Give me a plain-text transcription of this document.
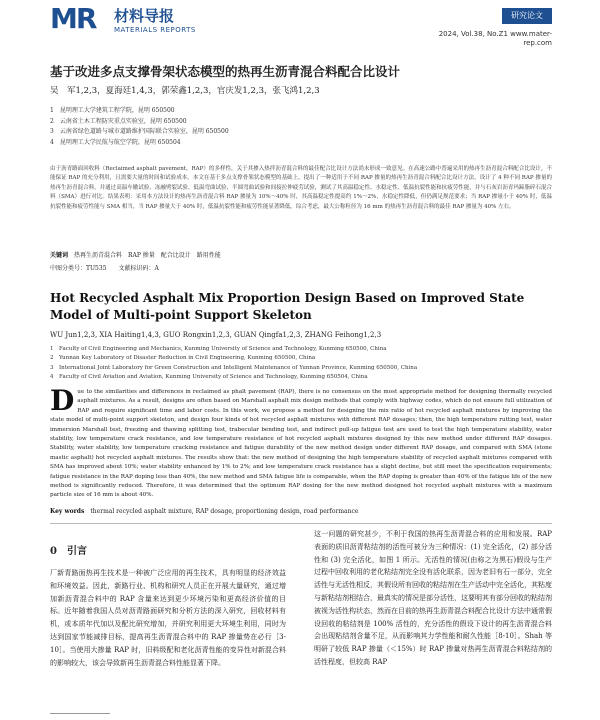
MR 材料导报
MATERIALS REPORTS
研究论文
2024, Vol.38, No.Z1 www.mater-rep.com
基于改进多点支撑骨架状态模型的热再生沥青混合料配合比设计
吴　军1,2,3，夏海廷1,4,3，郭荣鑫1,2,3，官庆发1,2,3，张飞鸿1,2,3
1　昆明理工大学建筑工程学院，昆明 650500
2　云南省土木工程防灾重点实验室，昆明 650500
3　云南省绿色道路与城市道路维护国际联合实验室，昆明 650500
4　昆明理工大学民航与航空学院，昆明 650504
由于沥青路面回收料（Reclaimed asphalt pavement，RAP）的多样性，关于其掺入热拌沥青混合料的最佳配合比设计方法尚未形成一致意见。在高速公路中普遍采用的热再生沥青混合料配合比设计，不能保证 RAP 的充分利用，且需要大量的时间和试验成本。本文在基于多点支撑骨架状态模型的基础上，提出了一种适用于不同 RAP 掺量的热再生沥青混合料配合比设计方法，设计了 4 种不同 RAP 掺量的热再生沥青混合料，并通过高温车辙试验、冻融劈裂试验、低温弯曲试验、半圆弯曲试验和间接拉伸疲劳试验，测试了其高温稳定性、水稳定性、低温抗裂性能和抗疲劳性能，并与石灰岩沥青玛蹄脂碎石混合料（SMA）进行对比。结果表明：采用本方法设计的热再生沥青混合料 RAP 掺量为 10%～40% 时，其高温稳定性提高约 1%～2%，水稳定性降低，但仍满足规范要求；当 RAP 掺量小于 40% 时，低温抗裂性能和疲劳性能与 SMA 相当，当 RAP 掺量大于 40% 时，低温抗裂性能和疲劳性能显著降低。综合考虑，最大公称粒径为 16 mm 的热再生沥青混合料的最佳 RAP 掺量为 40% 左右。
关键词 热再生沥青混合料　RAP 掺量　配合比设计　路用性能
中图分类号：TU535　　文献标识码：A
Hot Recycled Asphalt Mix Proportion Design Based on Improved State Model of Multi-point Support Skeleton
WU Jun1,2,3, XIA Haiting1,4,3, GUO Rongxin1,2,3, GUAN Qingfa1,2,3, ZHANG Feihong1,2,3
1　Faculty of Civil Engineering and Mechanics, Kunming University of Science and Technology, Kunming 650500, China
2　Yunnan Key Laboratory of Disaster Reduction in Civil Engineering, Kunming 650500, China
3　International Joint Laboratory for Green Construction and Intelligent Maintenance of Yunnan Province, Kunming 650500, China
4　Faculty of Civil Aviation and Aviation, Kunming University of Science and Technology, Kunming 650504, China
Due to the similarities and differences in reclaimed as phalt pavement (RAP), there is no consensus on the most appropriate method for designing thermally recycled asphalt mixtures. As a result, designs are often based on Marshall asphalt mix design methods that comply with highway codes, which do not ensure full utilization of RAP and require significant time and labor costs. In this work, we propose a method for designing the mix ratio of hot recycled asphalt mixtures by improving the state model of multi-point support skeleton, and design four kinds of hot recycled asphalt mixtures with different RAP dosages; then, the high temperature rutting test, water immersion Marshall test, freezing and thawing splitting test, trabecular bending test, and indirect pull-up fatigue test are used to test the high temperature stability, water stability, low temperature crack resistance, and low temperature resistance of hot recycled asphalt mixtures designed by this new method under different RAP dosages. Stability, water stability, low temperature cracking resistance and fatigue durability of the new method design under different RAP dosage, and compared with SMA (stone mastic asphalt) hot recycled asphalt mixtures. The results show that: the new method of designing the high temperature stability of recycled asphalt mixtures compared with SMA has improved about 10%; water stability enhanced by 1% to 2%; and low temperature crack resistance has a slight decline, but still meet the specification requirements; fatigue resistance in the RAP doping less than 40%, the new method and SMA fatigue life is comparable, when the RAP doping is greater than 40% of the fatigue life of the new method is significantly reduced. Therefore, it was determined that the optimum RAP dosing for the new method designed hot recycled asphalt mixtures with a maximum particle size of 16 mm is about 40%.
Key words thermal recycled asphalt mixture, RAP dosage, proportioning design, road performance
0　引言
厂新青路面热再生技术是一种被广泛应用的再生技术，具有明显的经济效益和环境效益。因此，新路行业、机构和研究人员正在开展大量研究，通过增加新沥青混合料中的 RAP 含量来达到更少环境污染和更高经济价值的目标。近年随着我国人员对沥青路面研究和分析方法的深入研究，回收材料有机，或本质年代加以及配比研究增加，并研究利用更大环境生利用，同时为达到国家节能减排目标，提高再生沥青混合料中的 RAP 掺量势在必行［3-10］。当使用大掺量 RAP 时，旧料级配和老化沥青性能的变异性对新混合料的影响较大，该会导致新再生沥青混合料性能显著下降。
这一问题的研究甚少，不利于我国的热再生沥青混合料的应用和发展。RAP 表面的质旧沥青粘结剂的活性可被分为三种情况：(1) 完全活化，(2) 部分活性和 (3) 完全活化，如图 1 所示。无活性的情况(由称之为黑石)假设与生产过程中回收利用的老化粘结剂完全没有活化联系，因为老旧有石一部分，完全活性与无活性相反，其假设所有回收的粘结剂在生产活动中完全活化，其粘度与新粘结剂相结合，最真实的情况是部分活性，这要明其有部分回收的粘结剂被视为活性构状态，然而在目前的热再生沥青混合料配合比设计方法中通常假设回收的粘结剂是 100% 活性的，充分活性的假设下设计的再生沥青混合料会出现粘结剂含量不足，从而影响其力学性能和耐久性能［8-10］。Shah 等明研了较低 RAP 掺量（＜15%）时 RAP 掺量对热再生沥青混合料粘结剂的活性程度，但较高 RAP
